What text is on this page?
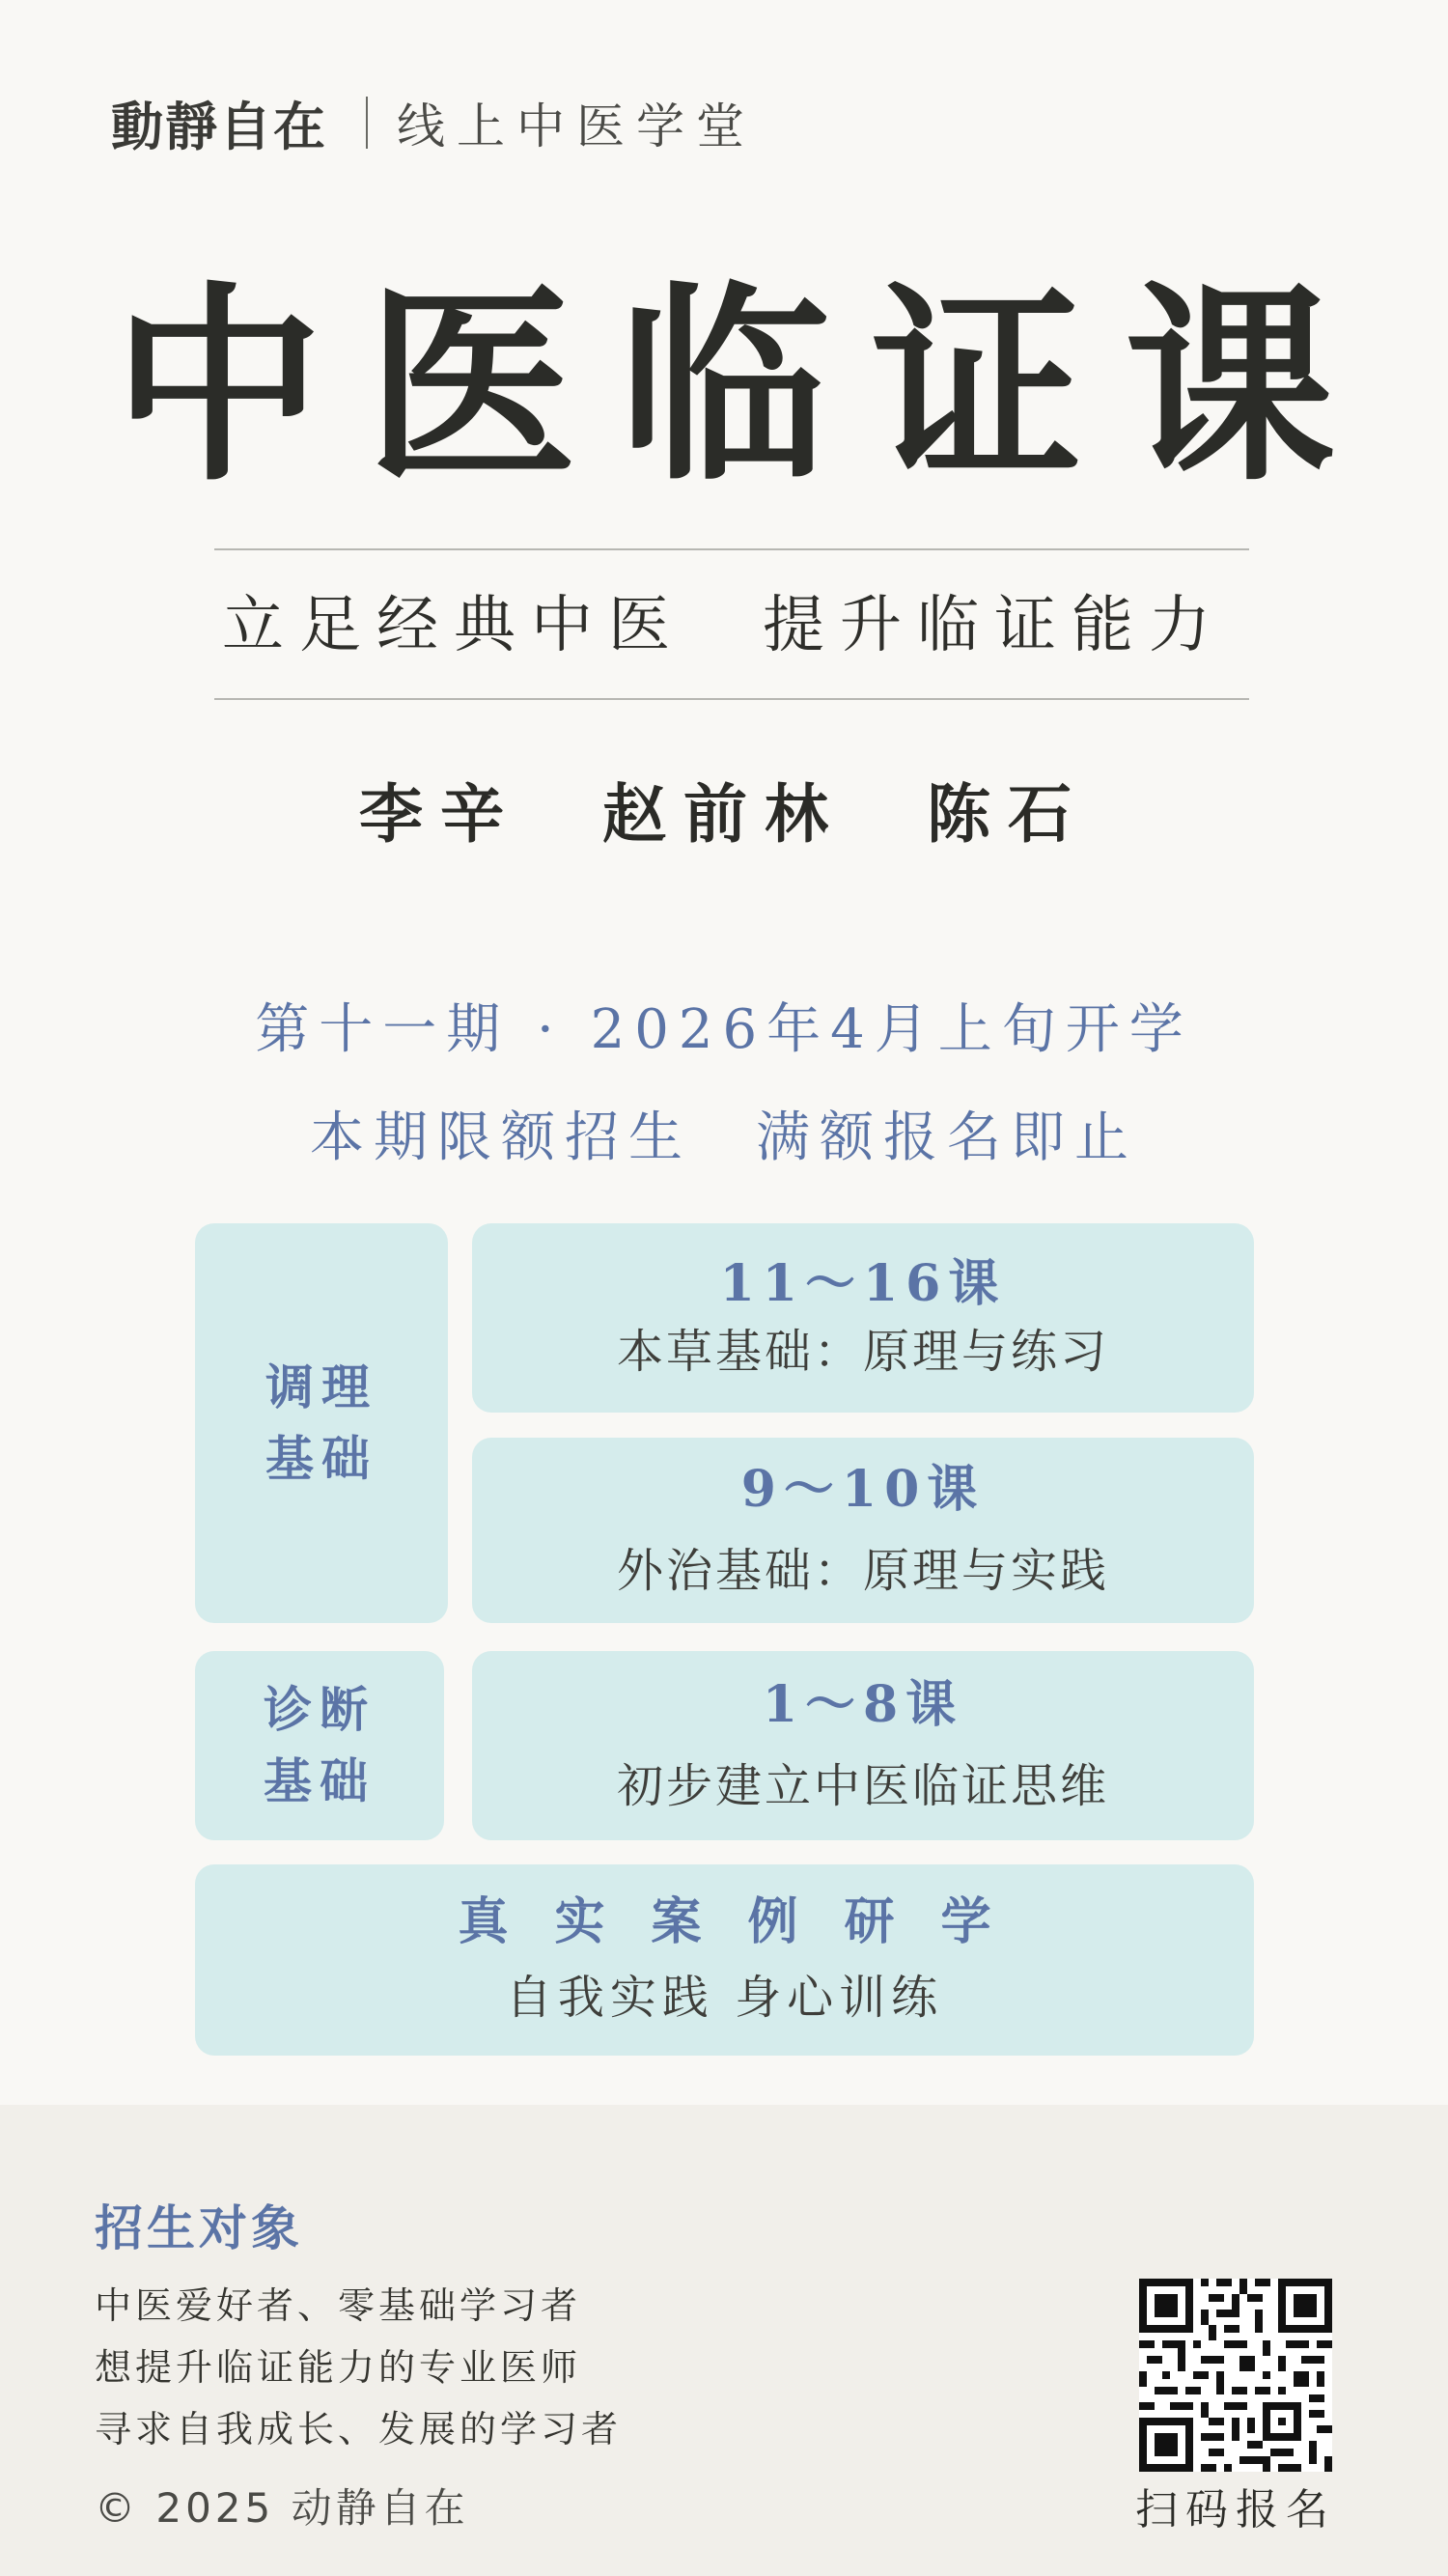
動靜自在 线上中医学堂
中医临证课
立足经典中医　提升临证能力
李辛　赵前林　陈石
第十一期 · 2026年4月上旬开学
本期限额招生　满额报名即止
调理
基础
11～16课
本草基础：原理与练习
9～10课
外治基础：原理与实践
诊断
基础
1～8课
初步建立中医临证思维
真实案例研学
自我实践 身心训练
招生对象
中医爱好者、零基础学习者
想提升临证能力的专业医师
寻求自我成长、发展的学习者
© 2025 动静自在	扫码报名
